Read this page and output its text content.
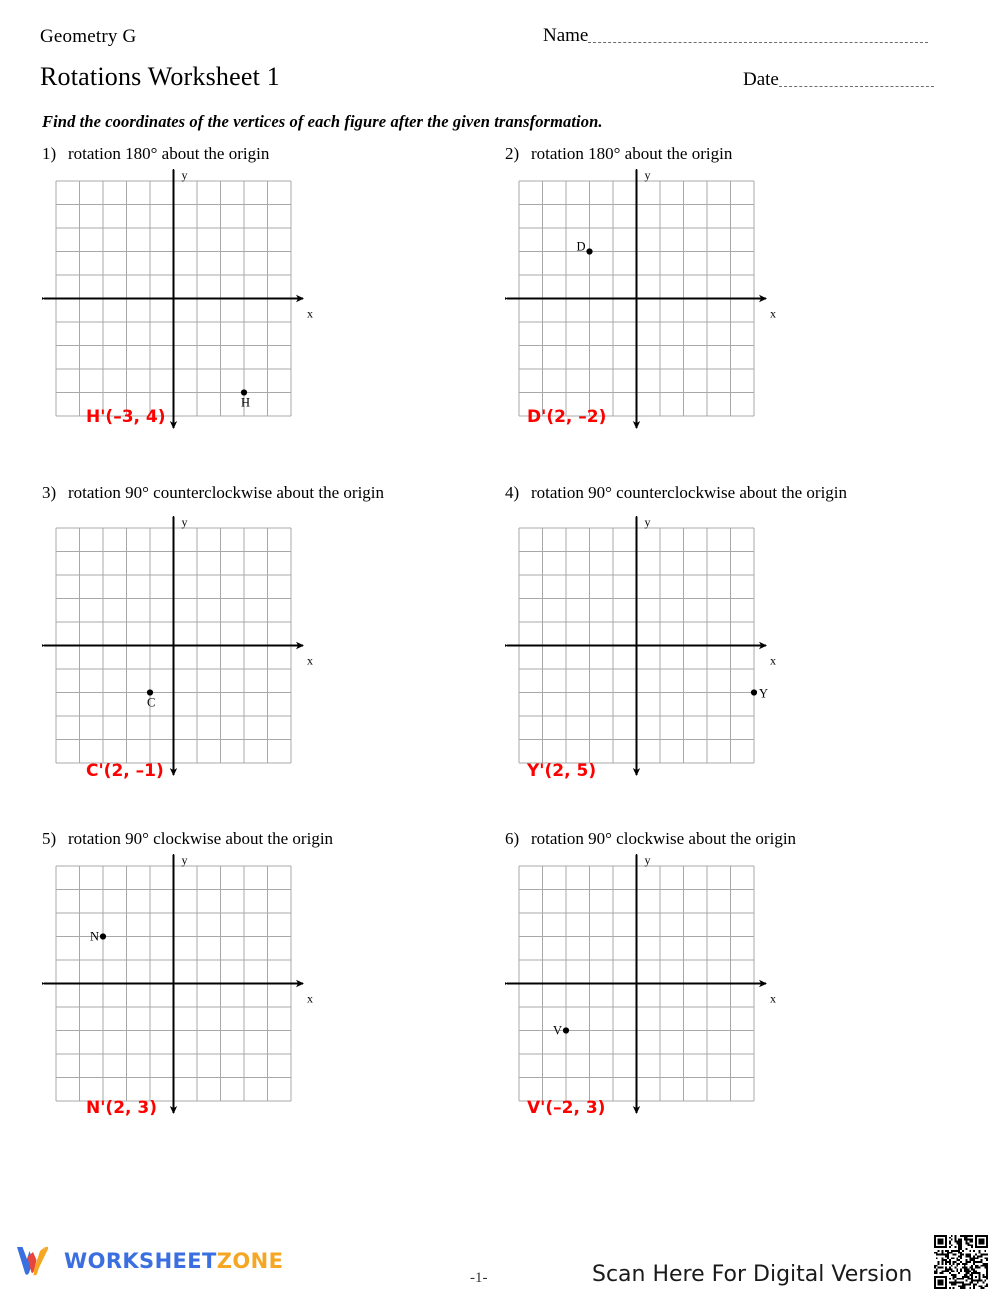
Geometry G
Rotations Worksheet 1
Name
Date
Find the coordinates of the vertices of each figure after the given transformation.
1) rotation 180° about the origin
x
y
H
H'(–3, 4)
2) rotation 180° about the origin
x
y
D
D'(2, –2)
3) rotation 90° counterclockwise about the origin
x
y
C
C'(2, –1)
4) rotation 90° counterclockwise about the origin
x
y
Y
Y'(2, 5)
5) rotation 90° clockwise about the origin
x
y
N
N'(2, 3)
6) rotation 90° clockwise about the origin
x
y
V
V'(–2, 3)
WORKSHEETZONE
-1-	Scan Here For Digital Version
